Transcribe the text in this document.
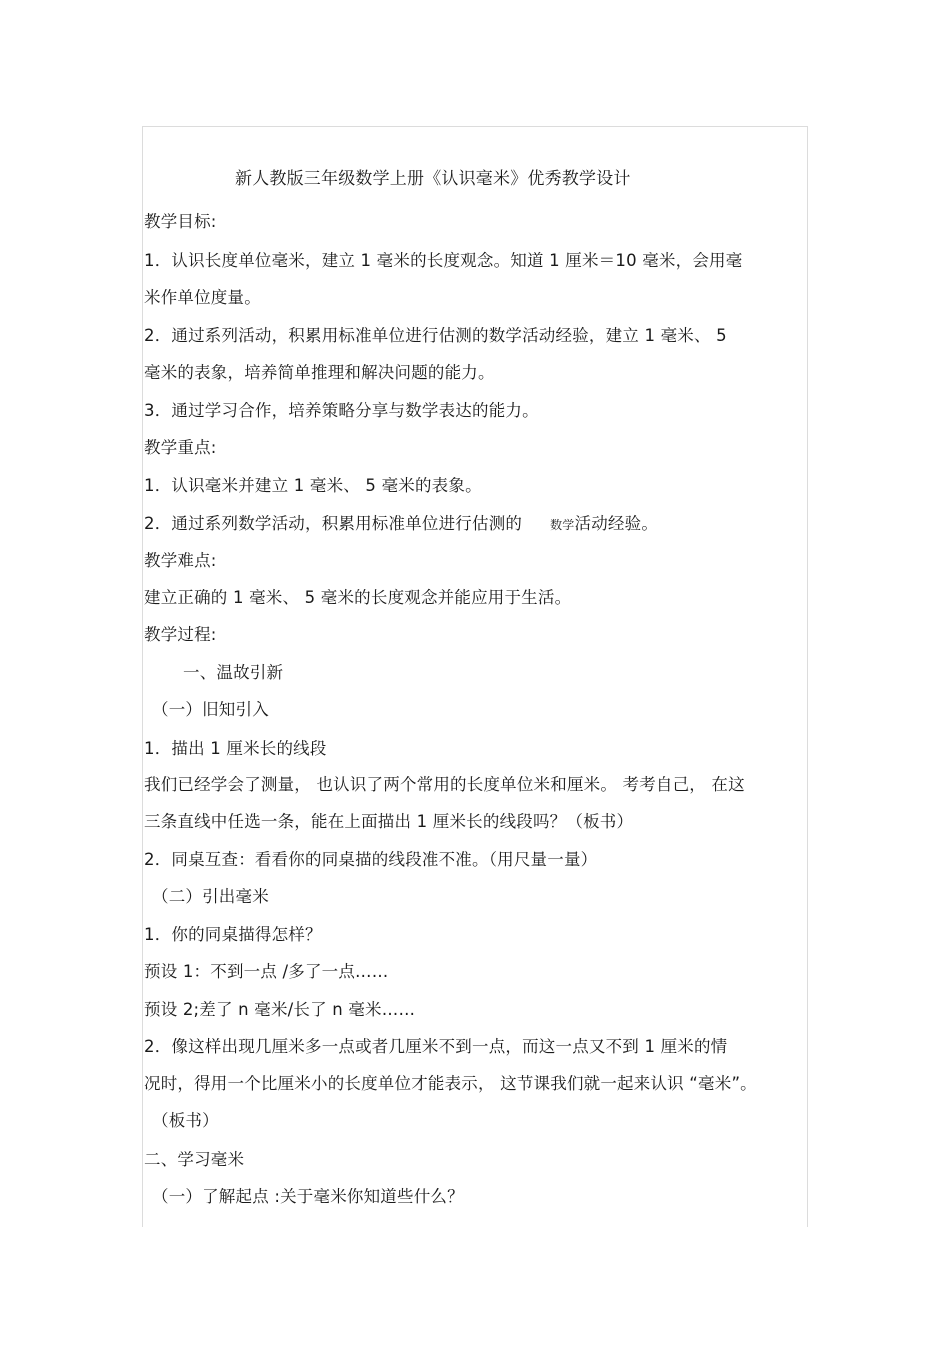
新人教版三年级数学上册《认识毫米》优秀教学设计
教学目标:
1．认识长度单位毫米，建立 1 毫米的长度观念。知道 1 厘米＝10 毫米，会用毫
米作单位度量。
2．通过系列活动，积累用标准单位进行估测的数学活动经验，建立 1 毫米、 5
毫米的表象，培养简单推理和解决问题的能力。
3．通过学习合作，培养策略分享与数学表达的能力。
教学重点:
1．认识毫米并建立 1 毫米、 5 毫米的表象。
2．通过系列数学活动，积累用标准单位进行估测的 数学活动经验。
教学难点:
建立正确的 1 毫米、 5 毫米的长度观念并能应用于生活。
教学过程:
一、温故引新
（一）旧知引入
1．描出 1 厘米长的线段
我们已经学会了测量， 也认识了两个常用的长度单位米和厘米。 考考自己， 在这
三条直线中任选一条，能在上面描出 1 厘米长的线段吗？（板书）
2．同桌互查：看看你的同桌描的线段准不准。（用尺量一量）
（二）引出毫米
1．你的同桌描得怎样？
预设 1：不到一点 /多了一点……
预设 2;差了 n 毫米/长了 n 毫米……
2．像这样出现几厘米多一点或者几厘米不到一点，而这一点又不到 1 厘米的情
况时，得用一个比厘米小的长度单位才能表示， 这节课我们就一起来认识 “毫米”。
（板书）
二、学习毫米
（一）了解起点 :关于毫米你知道些什么？
